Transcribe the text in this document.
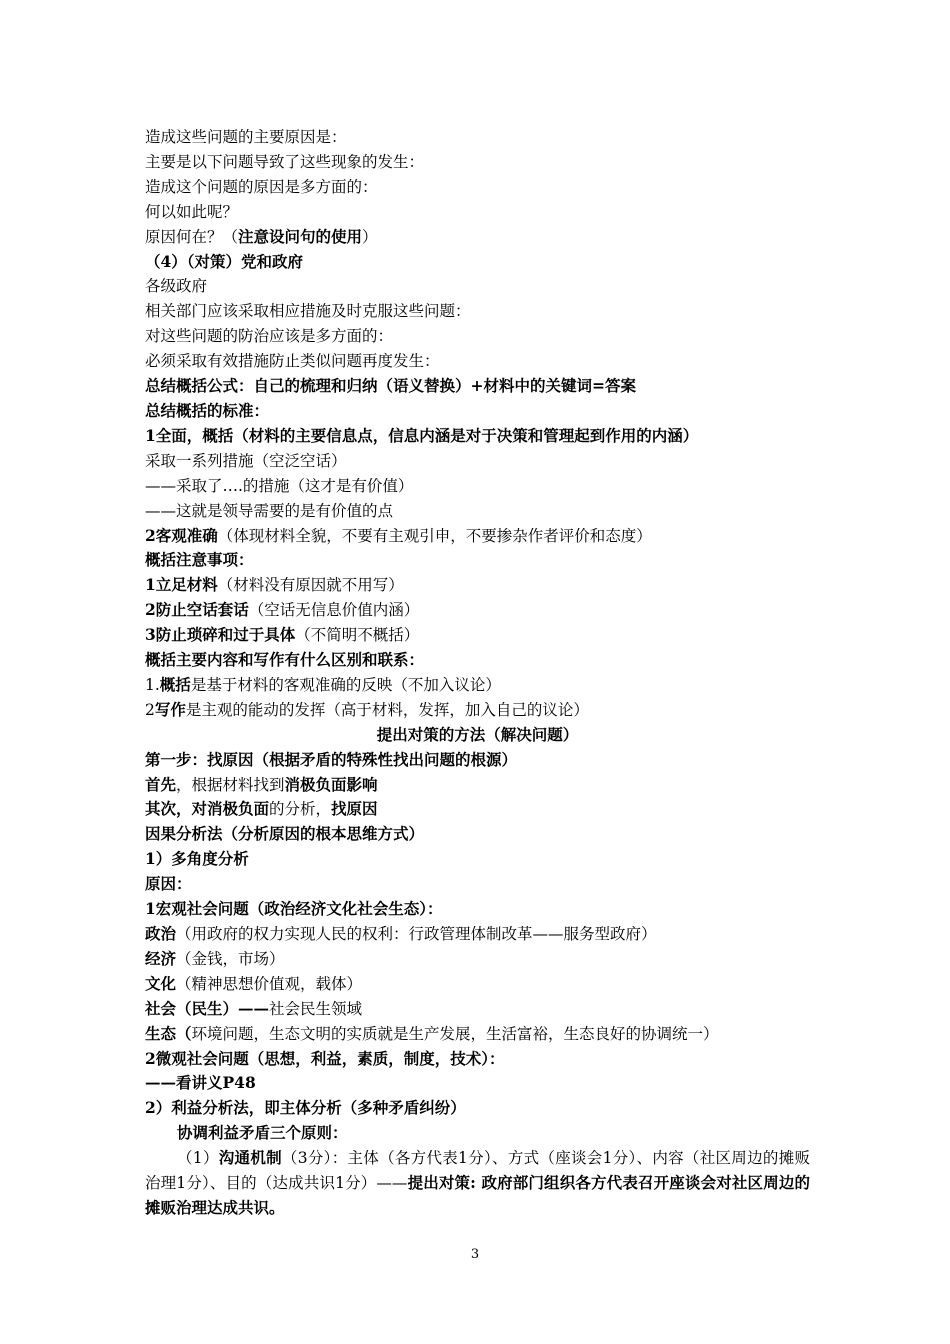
造成这些问题的主要原因是：
主要是以下问题导致了这些现象的发生：
造成这个问题的原因是多方面的：
何以如此呢？
原因何在？（注意设问句的使用）
（4）（对策）党和政府
各级政府
相关部门应该采取相应措施及时克服这些问题：
对这些问题的防治应该是多方面的：
必须采取有效措施防止类似问题再度发生：
总结概括公式：自己的梳理和归纳（语义替换）+材料中的关键词=答案
总结概括的标准：
1全面，概括（材料的主要信息点，信息内涵是对于决策和管理起到作用的内涵）
采取一系列措施（空泛空话）
——采取了….的措施（这才是有价值）
——这就是领导需要的是有价值的点
2客观准确（体现材料全貌，不要有主观引申，不要掺杂作者评价和态度）
概括注意事项：
1立足材料（材料没有原因就不用写）
2防止空话套话（空话无信息价值内涵）
3防止琐碎和过于具体（不简明不概括）
概括主要内容和写作有什么区别和联系：
1.概括是基于材料的客观准确的反映（不加入议论）
2写作是主观的能动的发挥（高于材料，发挥，加入自己的议论）
提出对策的方法（解决问题）
第一步：找原因（根据矛盾的特殊性找出问题的根源）
首先，根据材料找到消极负面影响
其次，对消极负面的分析，找原因
因果分析法（分析原因的根本思维方式）
1）多角度分析
原因：
1宏观社会问题（政治经济文化社会生态）：
政治（用政府的权力实现人民的权利：行政管理体制改革——服务型政府）
经济（金钱，市场）
文化（精神思想价值观，载体）
社会（民生）——社会民生领域
生态（环境问题，生态文明的实质就是生产发展，生活富裕，生态良好的协调统一）
2微观社会问题（思想，利益，素质，制度，技术）：
——看讲义P48
2）利益分析法，即主体分析（多种矛盾纠纷）
协调利益矛盾三个原则：
（1）沟通机制（3分）：主体（各方代表1分）、方式（座谈会1分）、内容（社区周边的摊贩治理1分）、目的（达成共识1分）——提出对策: 政府部门组织各方代表召开座谈会对社区周边的摊贩治理达成共识。
3
